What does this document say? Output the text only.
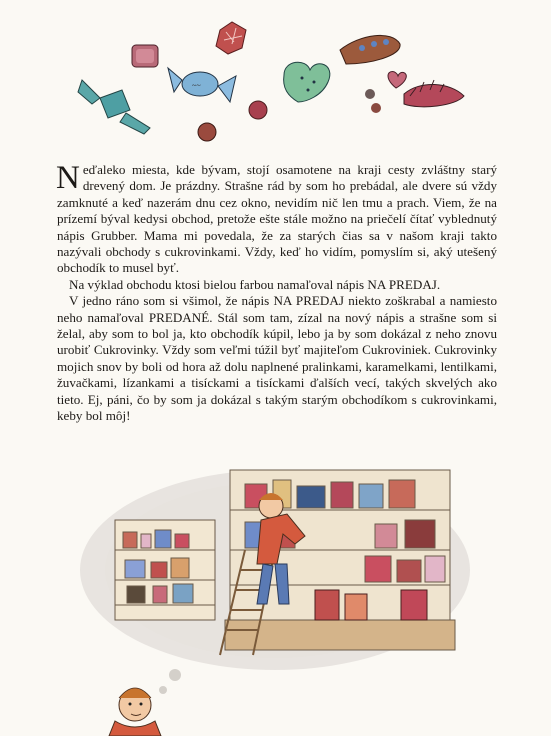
~~

Neďaleko miesta, kde bývam, stojí osamotene na kraji cesty zvláštny starý drevený dom. Je prázdny. Strašne rád by som ho prebádal, ale dvere sú vždy zamknuté a keď nazerám dnu cez okno, nevidím nič len tmu a prach. Viem, že na prízemí býval kedysi obchod, pretože ešte stále možno na priečelí čítať vyblednutý nápis Grubber. Mama mi povedala, že za starých čias sa v našom kraji takto nazývali obchody s cukrovinkami. Vždy, keď ho vidím, pomyslím si, aký utešený obchodík to musel byť.

Na výklad obchodu ktosi bielou farbou namaľoval nápis NA PREDAJ.

V jedno ráno som si všimol, že nápis NA PREDAJ niekto zoškrabal a namiesto neho namaľoval PREDANÉ. Stál som tam, zízal na nový nápis a strašne som si želal, aby som to bol ja, kto obchodík kúpil, lebo ja by som dokázal z neho znovu urobiť Cukrovinky. Vždy som veľmi túžil byť majiteľom Cukroviniek. Cukrovinky mojich snov by boli od hora až dolu naplnené pralinkami, karamelkami, lentilkami, žuvačkami, lízankami a tisíckami a tisíckami ďalších vecí, takých skvelých ako tieto. Ej, páni, čo by som ja dokázal s takým starým obchodíkom s cukrovinkami, keby bol môj!
